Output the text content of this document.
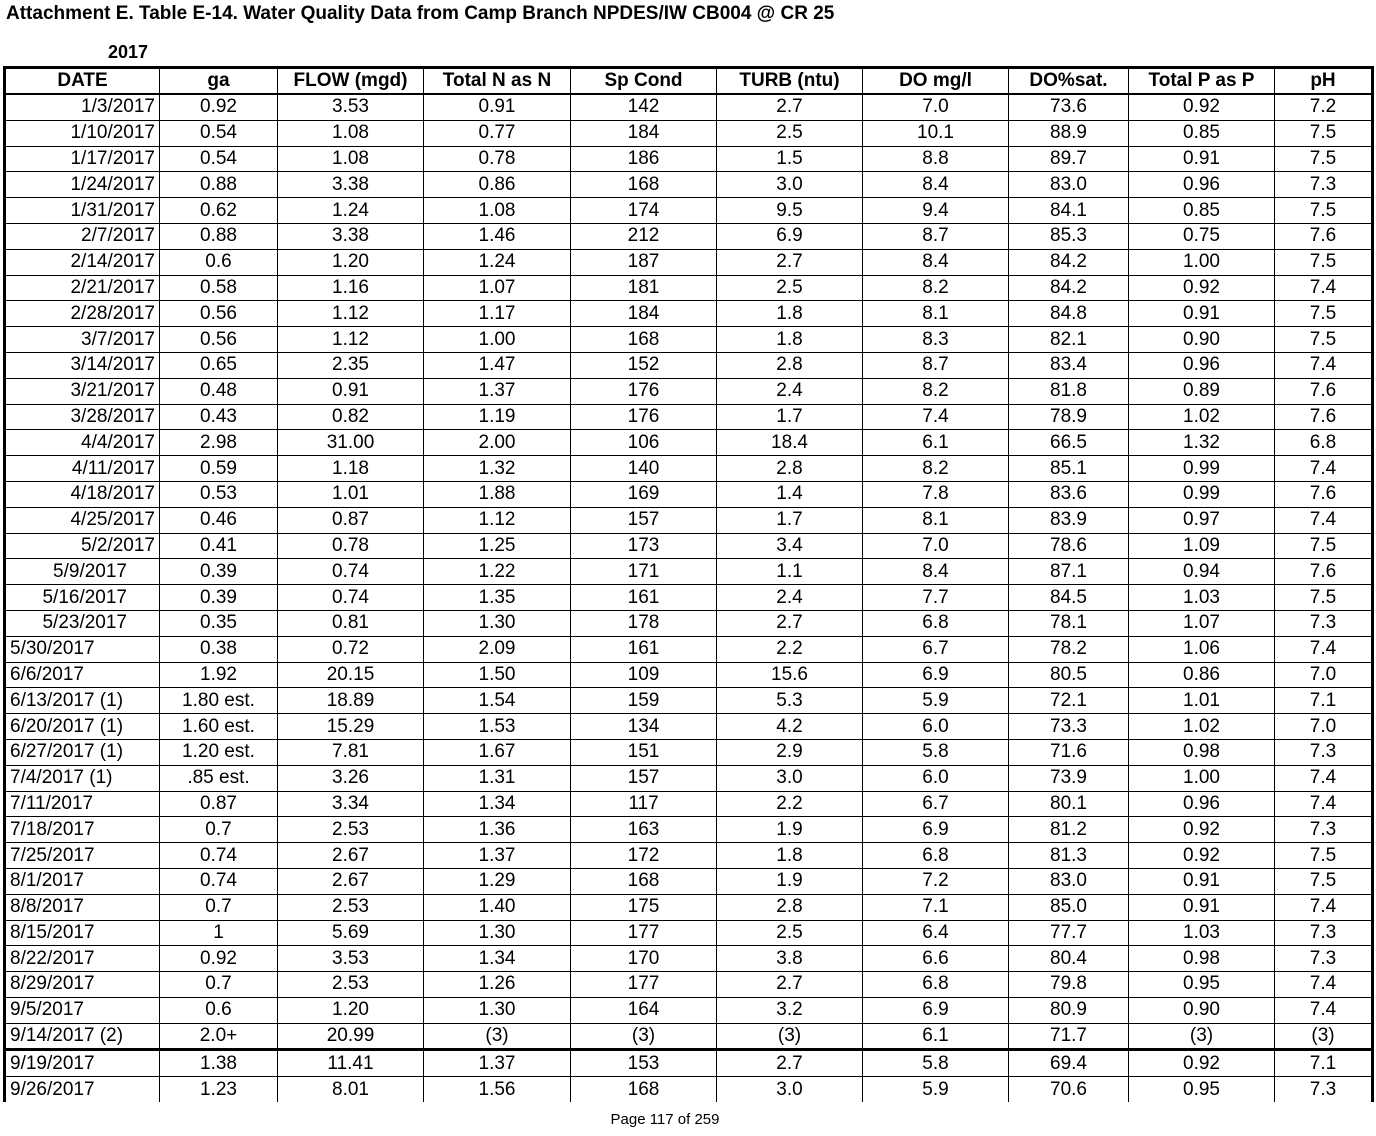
Attachment E. Table E-14. Water Quality Data from Camp Branch NPDES/IW CB004 @ CR 25
2017
DATE	ga	FLOW (mgd)	Total N as N	Sp Cond	TURB (ntu)	DO mg/l	DO%sat.	Total P as P	pH
1/3/2017	0.92	3.53	0.91	142	2.7	7.0	73.6	0.92	7.2
1/10/2017	0.54	1.08	0.77	184	2.5	10.1	88.9	0.85	7.5
1/17/2017	0.54	1.08	0.78	186	1.5	8.8	89.7	0.91	7.5
1/24/2017	0.88	3.38	0.86	168	3.0	8.4	83.0	0.96	7.3
1/31/2017	0.62	1.24	1.08	174	9.5	9.4	84.1	0.85	7.5
2/7/2017	0.88	3.38	1.46	212	6.9	8.7	85.3	0.75	7.6
2/14/2017	0.6	1.20	1.24	187	2.7	8.4	84.2	1.00	7.5
2/21/2017	0.58	1.16	1.07	181	2.5	8.2	84.2	0.92	7.4
2/28/2017	0.56	1.12	1.17	184	1.8	8.1	84.8	0.91	7.5
3/7/2017	0.56	1.12	1.00	168	1.8	8.3	82.1	0.90	7.5
3/14/2017	0.65	2.35	1.47	152	2.8	8.7	83.4	0.96	7.4
3/21/2017	0.48	0.91	1.37	176	2.4	8.2	81.8	0.89	7.6
3/28/2017	0.43	0.82	1.19	176	1.7	7.4	78.9	1.02	7.6
4/4/2017	2.98	31.00	2.00	106	18.4	6.1	66.5	1.32	6.8
4/11/2017	0.59	1.18	1.32	140	2.8	8.2	85.1	0.99	7.4
4/18/2017	0.53	1.01	1.88	169	1.4	7.8	83.6	0.99	7.6
4/25/2017	0.46	0.87	1.12	157	1.7	8.1	83.9	0.97	7.4
5/2/2017	0.41	0.78	1.25	173	3.4	7.0	78.6	1.09	7.5
5/9/2017	0.39	0.74	1.22	171	1.1	8.4	87.1	0.94	7.6
5/16/2017	0.39	0.74	1.35	161	2.4	7.7	84.5	1.03	7.5
5/23/2017	0.35	0.81	1.30	178	2.7	6.8	78.1	1.07	7.3
5/30/2017	0.38	0.72	2.09	161	2.2	6.7	78.2	1.06	7.4
6/6/2017	1.92	20.15	1.50	109	15.6	6.9	80.5	0.86	7.0
6/13/2017 (1)	1.80 est.	18.89	1.54	159	5.3	5.9	72.1	1.01	7.1
6/20/2017 (1)	1.60 est.	15.29	1.53	134	4.2	6.0	73.3	1.02	7.0
6/27/2017 (1)	1.20 est.	7.81	1.67	151	2.9	5.8	71.6	0.98	7.3
7/4/2017 (1)	.85 est.	3.26	1.31	157	3.0	6.0	73.9	1.00	7.4
7/11/2017	0.87	3.34	1.34	117	2.2	6.7	80.1	0.96	7.4
7/18/2017	0.7	2.53	1.36	163	1.9	6.9	81.2	0.92	7.3
7/25/2017	0.74	2.67	1.37	172	1.8	6.8	81.3	0.92	7.5
8/1/2017	0.74	2.67	1.29	168	1.9	7.2	83.0	0.91	7.5
8/8/2017	0.7	2.53	1.40	175	2.8	7.1	85.0	0.91	7.4
8/15/2017	1	5.69	1.30	177	2.5	6.4	77.7	1.03	7.3
8/22/2017	0.92	3.53	1.34	170	3.8	6.6	80.4	0.98	7.3
8/29/2017	0.7	2.53	1.26	177	2.7	6.8	79.8	0.95	7.4
9/5/2017	0.6	1.20	1.30	164	3.2	6.9	80.9	0.90	7.4
9/14/2017 (2)	2.0+	20.99	(3)	(3)	(3)	6.1	71.7	(3)	(3)
9/19/2017	1.38	11.41	1.37	153	2.7	5.8	69.4	0.92	7.1
9/26/2017	1.23	8.01	1.56	168	3.0	5.9	70.6	0.95	7.3
Page 117 of 259
